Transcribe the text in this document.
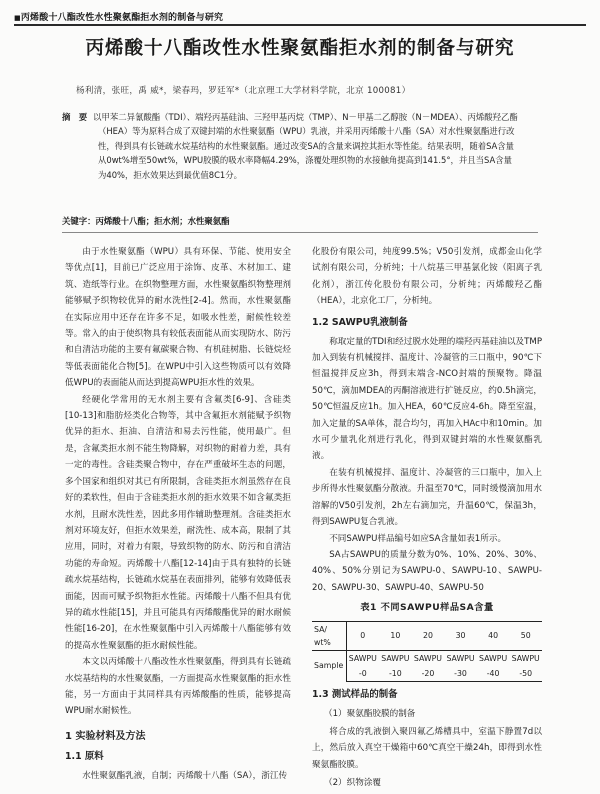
■ 丙烯酸十八酯改性水性聚氨酯拒水剂的制备与研究
丙烯酸十八酯改性水性聚氨酯拒水剂的制备与研究
杨利清，张旺，禹 威*，梁春玛，罗廷军*（北京理工大学材料学院，北京 100081）

摘　要 以甲苯二异氰酸酯（TDI）、端羟丙基硅油、三羟甲基丙烷（TMP）、N－甲基二乙醇胺（N－MDEA）、丙烯酸羟乙酯（HEA）等为原料合成了双键封端的水性聚氨酯（WPU）乳液，并采用丙烯酸十八酯（SA）对水性聚氨酯进行改性，得到具有长链疏水烷基结构的水性聚氨酯。通过改变SA的含量来调控其拒水等性能。结果表明，随着SA含量从0wt%增至50wt%，WPU胶膜的吸水率降幅4.29%，涤覆处理织物的水接触角提高到141.5°，并且当SA含量为40%，拒水效果达到最优值8C1分。

关键字：丙烯酸十八酯；拒水剂；水性聚氨酯

由于水性聚氨酯（WPU）具有环保、节能、使用安全等优点[1]，目前已广泛应用于涂饰、皮革、木材加工、建筑、造纸等行业。在织物整理方面，水性聚氨酯织物整理剂能够赋予织物较优异的耐水洗性[2-4]。然而，水性聚氨酯在实际应用中还存在许多不足，如吸水性差，耐候性较差等。常入的由于使织物具有较低表面能从而实现防水、防污和自清洁功能的主要有氟碳聚合物、有机硅树脂、长链烷烃等低表面能化合物[5]。在WPU中引入这些物质可以有效降低WPU的表面能从而达到提高WPU拒水性的效果。

经硬化学常用的无水剂主要有含氟类[6-9]、含硅类[10-13]和脂肪烃类化合物等，其中含氟拒水剂能赋予织物优异的拒水、拒油、自清洁和易去污性能，使用最广。但是，含氟类拒水剂不能生物降解，对织物的耐着力差，具有一定的毒性。含硅类聚合物中，存在严重破坏生态的问题，多个国家和组织对其已有所限制，含硅类拒水剂虽然存在良好的柔软性，但由于含硅类拒水剂的拒水效果不如含氟类拒水剂，且耐水洗性差，因此多用作辅助整理剂。含硅类拒水剂对环境友好，但拒水效果差，耐洗性、成本高，限制了其应用，同时，对着力有限，导致织物的防水、防污和自清洁功能的寿命短。丙烯酸十八酯[12-14]由于具有独特的长链疏水烷基结构，长链疏水烷基在表面排列，能够有效降低表面能，因而可赋予织物拒水性能。丙烯酸十八酯不但具有优异的疏水性能[15]，并且可能具有丙烯酸酯优异的耐水耐候性能[16-20]，在水性聚氨酯中引入丙烯酸十八酯能够有效的提高水性聚氨酯的拒水耐候性能。

本文以丙烯酸十八酯改性水性聚氨酯，得到具有长链疏水烷基结构的水性聚氨酯，一方面提高水性聚氨酯的拒水性能，另一方面由于其同样具有丙烯酸酯的性质，能够提高WPU耐水耐候性。

1 实验材料及方法
1.1 原料

水性聚氨酯乳液，自制；丙烯酸十八酯（SA），浙江传

化股份有限公司，纯度99.5%；V50引发剂，成都金山化学试剂有限公司，分析纯；十八烷基三甲基氯化铵（阳离子乳化剂），浙江传化股份有限公司，分析纯；丙烯酸羟乙酯（HEA），北京化工厂，分析纯。

1.2 SAWPU乳液制备

称取定量的TDI和经过脱水处理的端羟丙基硅油以及TMP加入到装有机械搅拌、温度计、冷凝管的三口瓶中，90℃下恒温搅拌反应3h，得到末端含-NCO封端的预聚物。降温50℃，滴加MDEA的丙酮溶液进行扩链反应，约0.5h滴完，50℃恒温反应1h。加入HEA，60℃反应4-6h。降至室温，加入定量的SA单体，混合均匀，再加入HAc中和10min。加水可少量乳化剂进行乳化，得到双键封端的水性聚氨酯乳液。

在装有机械搅拌、温度计、冷凝管的三口瓶中，加入上步所得水性聚氨酯分散液。升温至70℃，同时缓慢滴加用水溶解的V50引发剂，2h左右滴加完，升温60℃，保温3h，得到SAWPU复合乳液。

不同SAWPU样品编号如应SA含量如表1所示。

SA占SAWPU的质量分数为0%、10%、20%、30%、40%、50%分别记为SAWPU-0、SAWPU-10、SAWPU-20、SAWPU-30、SAWPU-40、SAWPU-50

表1 不同SAWPU样品SA含量
SA/ wt%	0	10	20	30	40	50
Sample	SAWPU	SAWPU	SAWPU	SAWPU	SAWPU	SAWPU
	-0	-10	-20	-30	-40	-50
1.3 测试样品的制备
（1）聚氨酯胶膜的制备

将合成的乳液倒入聚四氟乙烯槽具中，室温下静置7d以上，然后放入真空干燥箱中60℃真空干燥24h，即得到水性聚氨酯胶膜。

（2）织物涂覆
